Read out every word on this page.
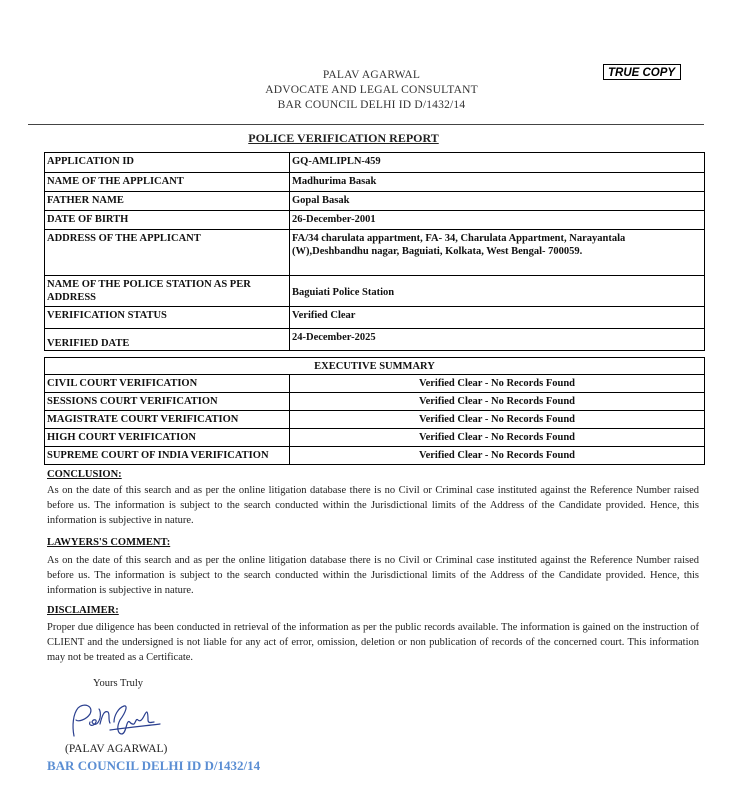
PALAV AGARWAL
ADVOCATE AND LEGAL CONSULTANT
BAR COUNCIL DELHI ID D/1432/14
TRUE COPY
POLICE VERIFICATION REPORT
APPLICATION ID	GQ-AMLIPLN-459
NAME OF THE APPLICANT	Madhurima Basak
FATHER NAME	Gopal Basak
DATE OF BIRTH	26-December-2001
ADDRESS OF THE APPLICANT	FA/34 charulata appartment, FA- 34, Charulata Appartment, Narayantala (W),Deshbandhu nagar, Baguiati, Kolkata, West Bengal- 700059.
NAME OF THE POLICE STATION AS PER ADDRESS	Baguiati Police Station
VERIFICATION STATUS	Verified Clear
VERIFIED DATE	24-December-2025
EXECUTIVE SUMMARY	
CIVIL COURT VERIFICATION	Verified Clear - No Records Found
SESSIONS COURT VERIFICATION	Verified Clear - No Records Found
MAGISTRATE COURT VERIFICATION	Verified Clear - No Records Found
HIGH COURT VERIFICATION	Verified Clear - No Records Found
SUPREME COURT OF INDIA VERIFICATION	Verified Clear - No Records Found
CONCLUSION:
As on the date of this search and as per the online litigation database there is no Civil or Criminal case instituted against the Reference Number raised before us. The information is subject to the search conducted within the Jurisdictional limits of the Address of the Candidate provided. Hence, this information is subjective in nature.
LAWYERS'S COMMENT:
As on the date of this search and as per the online litigation database there is no Civil or Criminal case instituted against the Reference Number raised before us. The information is subject to the search conducted within the Jurisdictional limits of the Address of the Candidate provided. Hence, this information is subjective in nature.
DISCLAIMER:
Proper due diligence has been conducted in retrieval of the information as per the public records available. The information is gained on the instruction of CLIENT and the undersigned is not liable for any act of error, omission, deletion or non publication of records of the concerned court. This information may not be treated as a Certificate.
Yours Truly
(PALAV AGARWAL)
BAR COUNCIL DELHI ID D/1432/14
